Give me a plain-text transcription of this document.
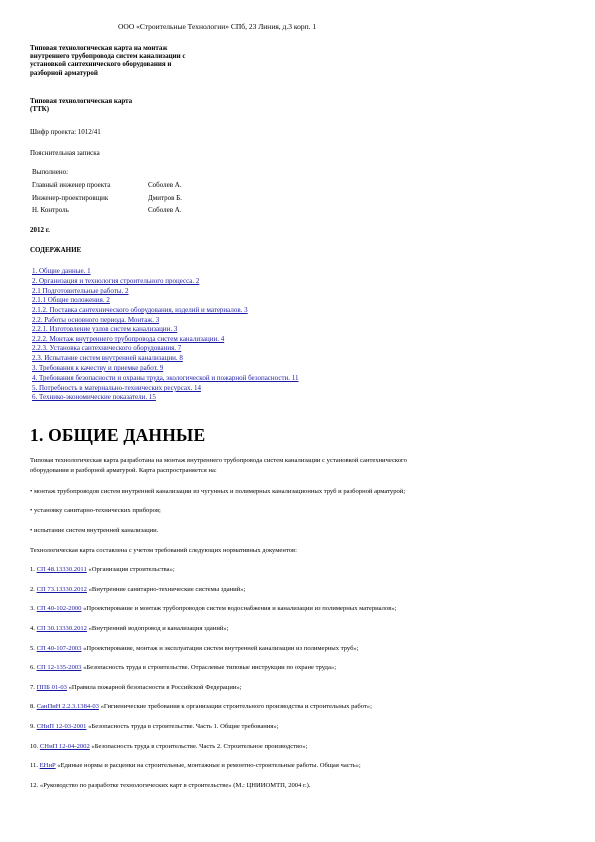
ООО «Строительные Технологии» СПб, 23 Линия, д.3 корп. 1
Типовая технологическая карта на монтаж
внутреннего трубопровода систем канализации с
установкой сантехнического оборудования и
разборной арматурой
Типовая технологическая карта
(ТТК)
Шифр проекта: 1012/41
Пояснительная записка
Выполнено:
Главный инженер проекта	Соболев А.
Инженер-проектировщик	Дмитров Б.
Н. Контроль	Соболев А.
2012 г.
СОДЕРЖАНИЕ
1. Общие данные. 1
2. Организация и технология строительного процесса. 2
2.1 Подготовительные работы. 2
2.1.1 Общие положения. 2
2.1.2. Поставка сантехнического оборудования, изделий и материалов. 3
2.2. Работы основного периода. Монтаж. 3
2.2.1. Изготовление узлов систем канализации. 3
2.2.2. Монтаж внутреннего трубопровода систем канализации. 4
2.2.3. Установка сантехнического оборудования. 7
2.3. Испытание систем внутренней канализации. 8
3. Требования к качеству и приемке работ. 9
4. Требования безопасности и охраны труда, экологической и пожарной безопасности. 11
5. Потребность в материально-технических ресурсах. 14
6. Технико-экономические показатели. 15
1. ОБЩИЕ ДАННЫЕ
Типовая технологическая карта разработана на монтаж внутреннего трубопровода систем канализации с установкой сантехнического
оборудования и разборной арматурой. Карта распространяется на:
• монтаж трубопроводов систем внутренней канализации из чугунных и полимерных канализационных труб и разборной арматурой;
• установку санитарно-технических приборов;
• испытание систем внутренней канализации.
Технологическая карта составлена с учетом требований следующих нормативных документов:
1. СП 48.13330.2011 «Организация строительства»;
2. СП 73.13330.2012 «Внутренние санитарно-технические системы зданий»;
3. СП 40-102-2000 «Проектирование и монтаж трубопроводов систем водоснабжения и канализации из полимерных материалов»;
4. СП 30.13330.2012 «Внутренний водопровод и канализация зданий»;
5. СП 40-107-2003 «Проектирование, монтаж и эксплуатация систем внутренней канализации из полимерных труб»;
6. СП 12-135-2003 «Безопасность труда в строительстве. Отраслевые типовые инструкции по охране труда»;
7. ППБ 01-03 «Правила пожарной безопасности в Российской Федерации»;
8. СанПиН 2.2.3.1384-03 «Гигиенические требования к организации строительного производства и строительных работ»;
9. СНиП 12-03-2001 «Безопасность труда в строительстве. Часть 1. Общие требования»;
10. СНиП 12-04-2002 «Безопасность труда в строительстве. Часть 2. Строительное производство»;
11. ЕНиР «Единые нормы и расценки на строительные, монтажные и ремонтно-строительные работы. Общая часть»;
12. «Руководство по разработке технологических карт в строительстве» (М.: ЦНИИОМТП, 2004 г.).
